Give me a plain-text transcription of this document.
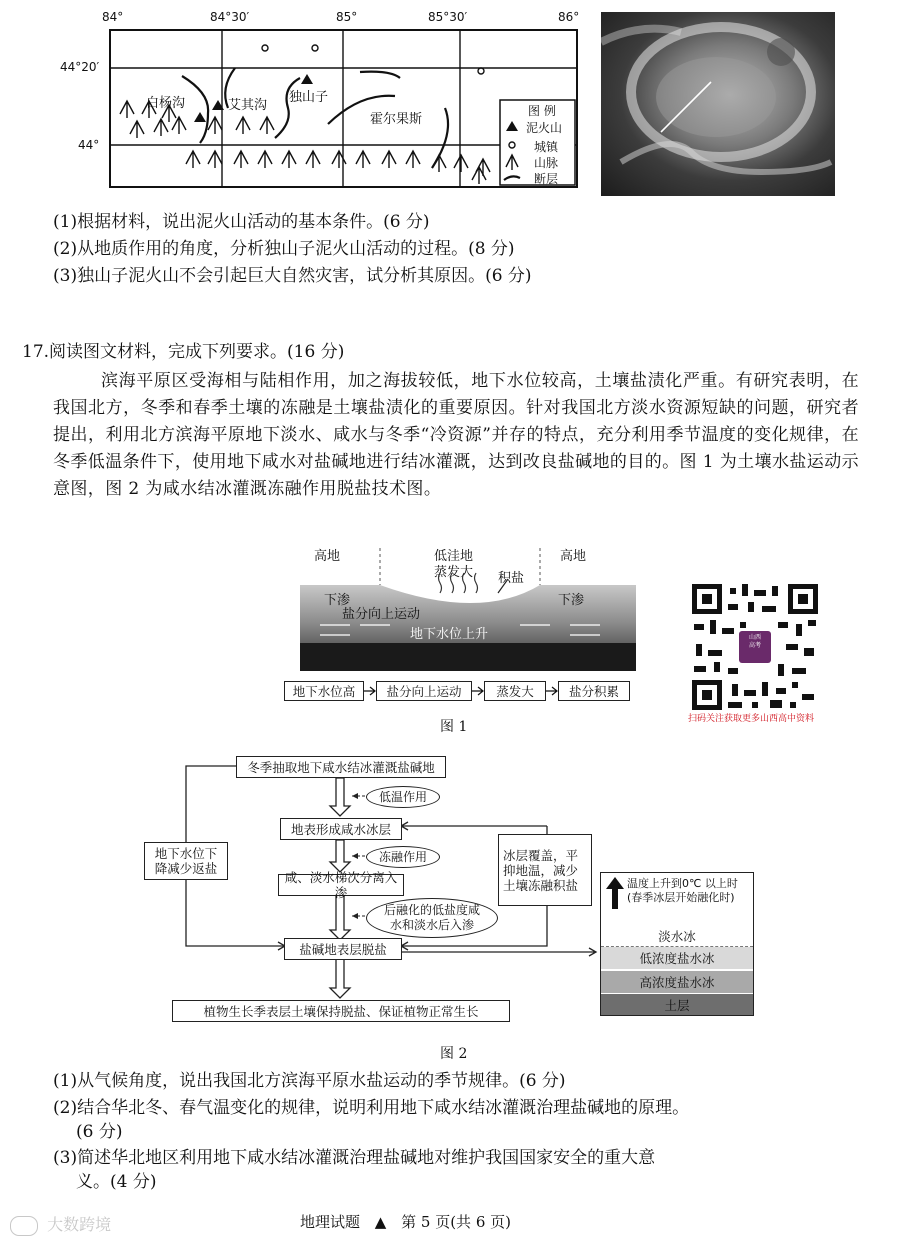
84°	84°30′	85°	85°30′	86°
44°20′
44°
白杨沟	艾其沟
独山子
霍尔果斯
图 例
泥火山
城镇
山脉
断层
(1)根据材料，说出泥火山活动的基本条件。(6 分)
(2)从地质作用的角度，分析独山子泥火山活动的过程。(8 分)
(3)独山子泥火山不会引起巨大自然灾害，试分析其原因。(6 分)
17.阅读图文材料，完成下列要求。(16 分)
滨海平原区受海相与陆相作用，加之海拔较低，地下水位较高，土壤盐渍化严重。有研究表明，在我国北方，冬季和春季土壤的冻融是土壤盐渍化的重要原因。针对我国北方淡水资源短缺的问题，研究者提出，利用北方滨海平原地下淡水、咸水与冬季“冷资源”并存的特点，充分利用季节温度的变化规律，在冬季低温条件下，使用地下咸水对盐碱地进行结冰灌溉，达到改良盐碱地的目的。图 1 为土壤水盐运动示意图，图 2 为咸水结冰灌溉冻融作用脱盐技术图。
高地	低洼地
蒸发大 积盐
高地
下渗
盐分向上运动
地下水位上升
下渗
地下水位高	盐分向上运动	蒸发大	盐分积累
图 1
山西
高考
扫码关注获取更多山西高中资料
冬季抽取地下咸水结冰灌溉盐碱地
低温作用
地表形成咸水冰层
冻融作用
咸、淡水梯次分离入渗
后融化的低盐度咸水和淡水后入渗
盐碱地表层脱盐
植物生长季表层土壤保持脱盐、保证植物正常生长
地下水位下降减少返盐
冰层覆盖，平抑地温，减少土壤冻融积盐	温度上升到0℃ 以上时(春季冰层开始融化时)
淡水冰
低浓度盐水冰
高浓度盐水冰
土层
图 2
(1)从气候角度，说出我国北方滨海平原水盐运动的季节规律。(6 分)
(2)结合华北冬、春气温变化的规律，说明利用地下咸水结冰灌溉治理盐碱地的原理。
(6 分)
(3)简述华北地区利用地下咸水结冰灌溉治理盐碱地对维护我国国家安全的重大意
义。(4 分)
地理试题 ▲ 第 5 页(共 6 页)
大数跨境
